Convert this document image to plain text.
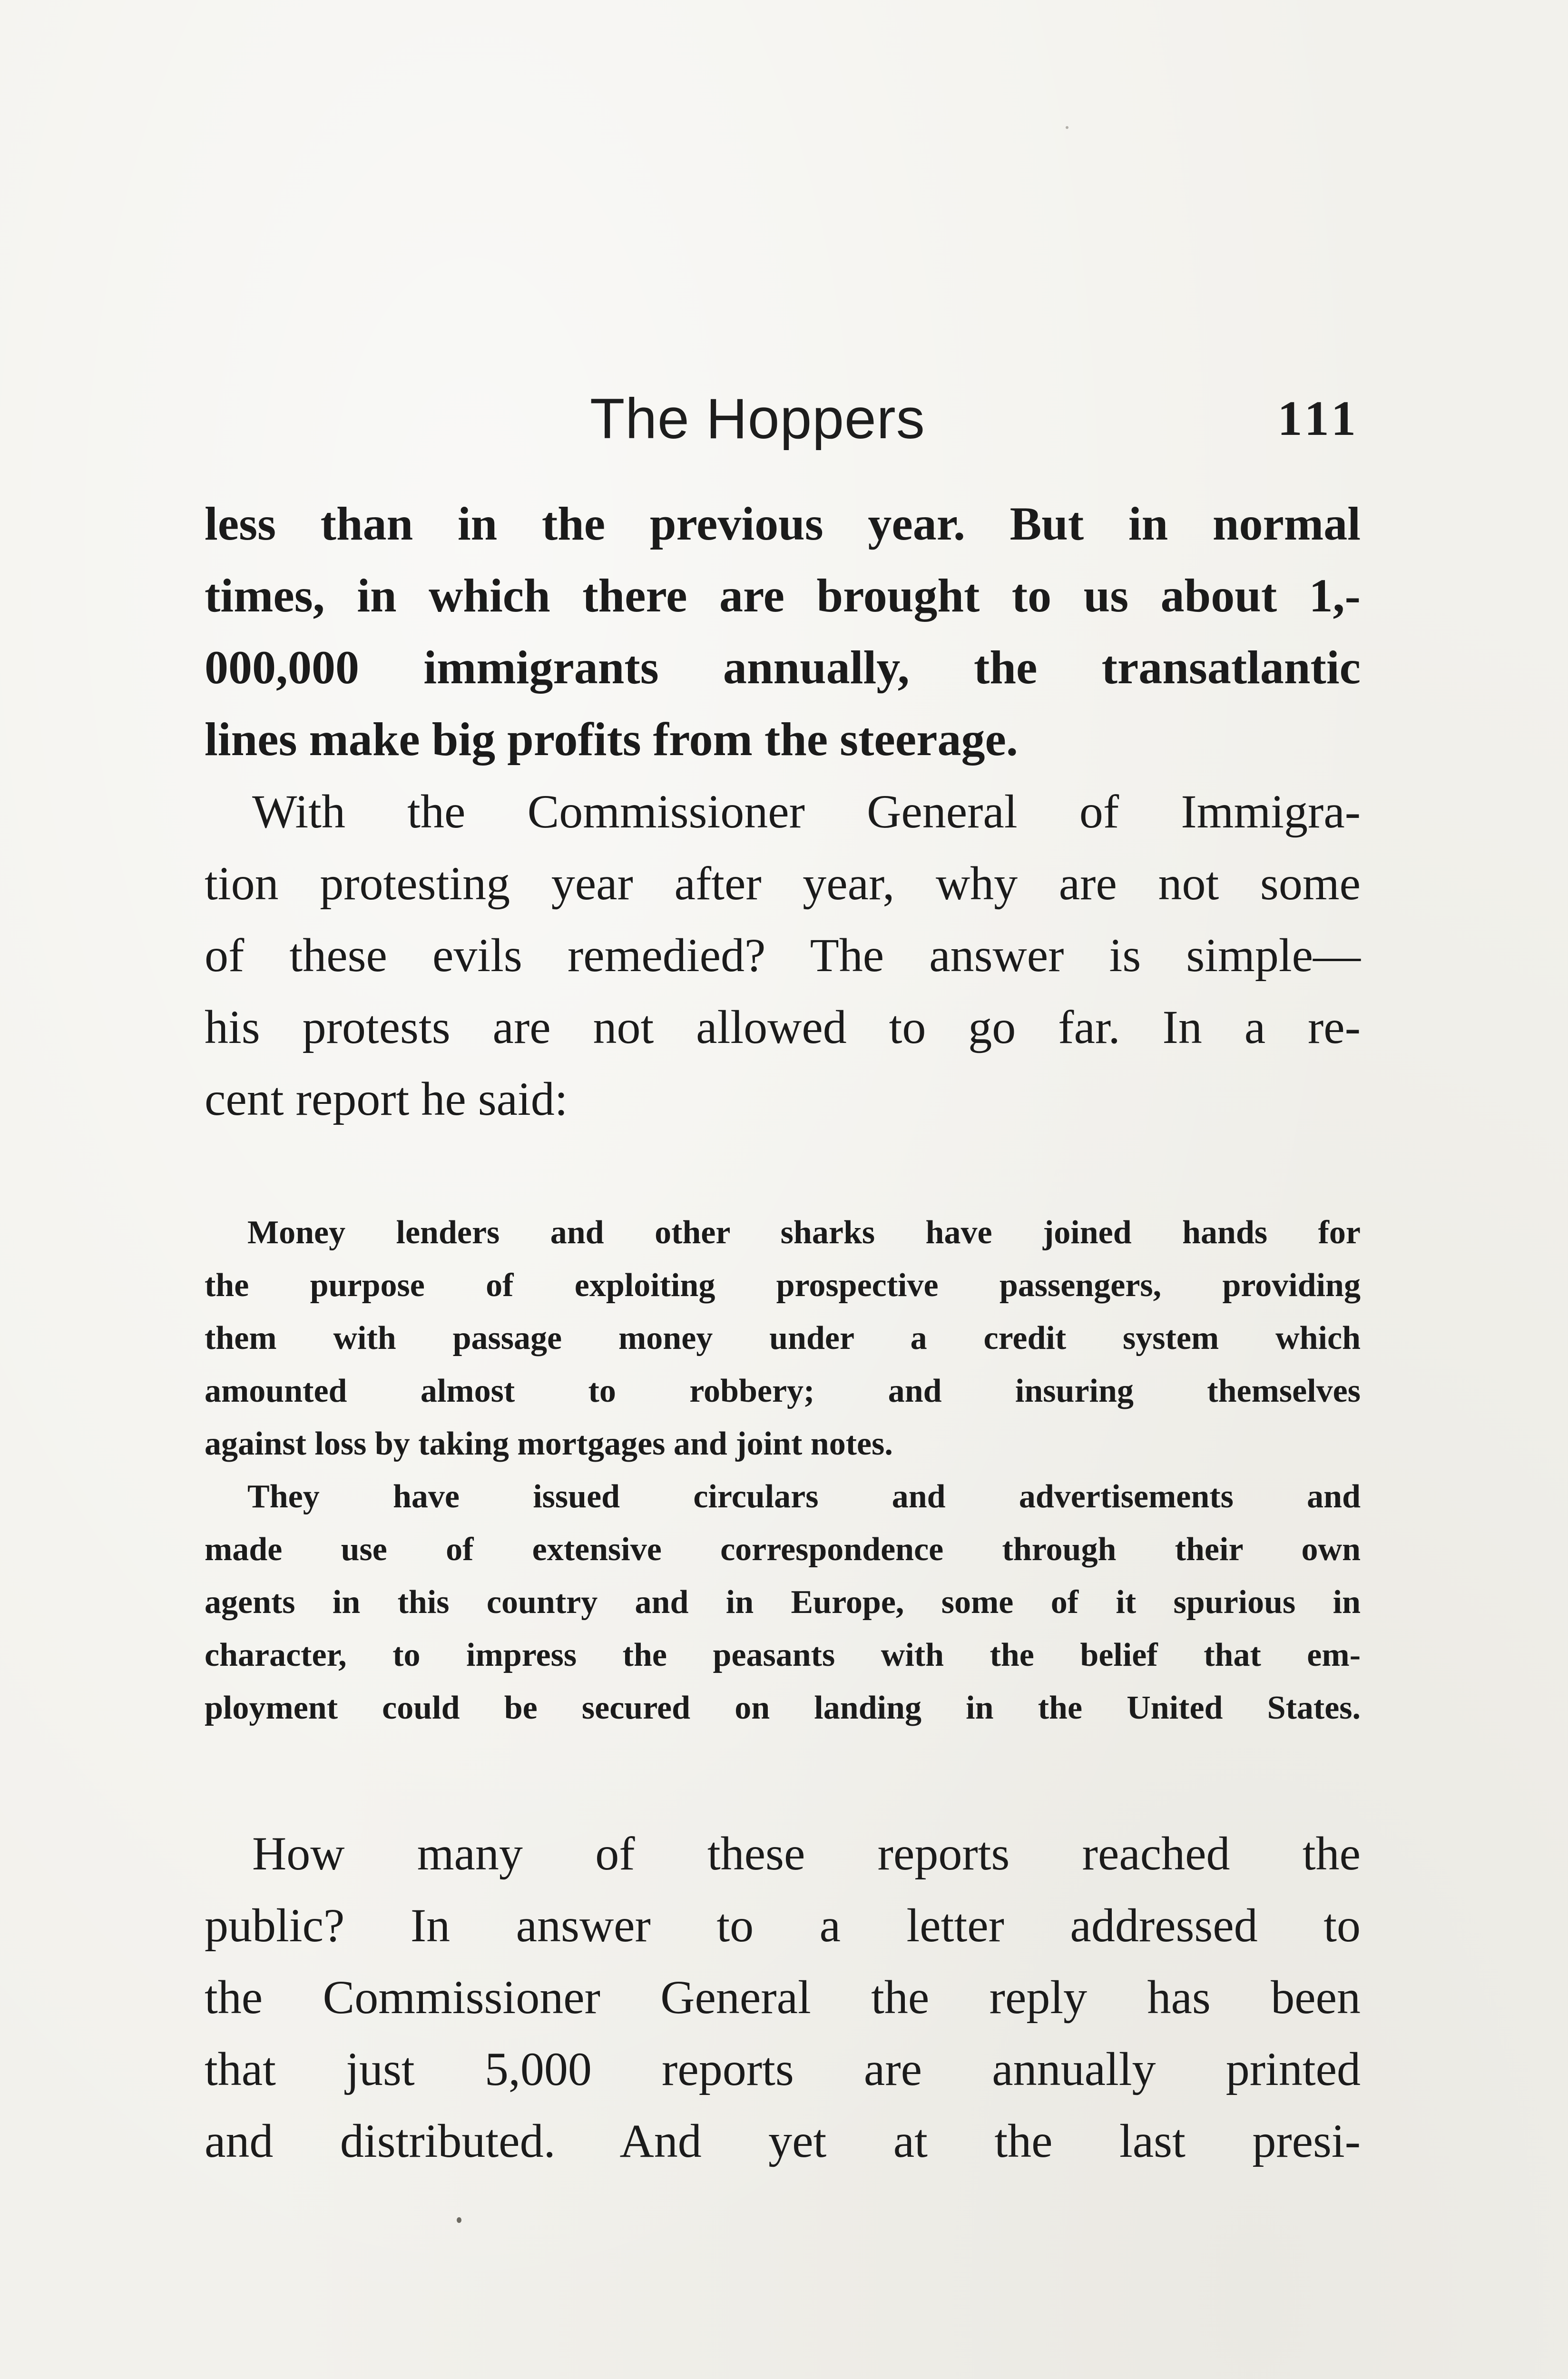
The Hoppers	111
less than in the previous year. But in normal
times, in which there are brought to us about 1,-
000,000 immigrants annually, the transatlantic
lines make big profits from the steerage.
With the Commissioner General of Immigra-
tion protesting year after year, why are not some
of these evils remedied? The answer is simple—
his protests are not allowed to go far. In a re-
cent report he said:
Money lenders and other sharks have joined hands for
the purpose of exploiting prospective passengers, providing
them with passage money under a credit system which
amounted almost to robbery; and insuring themselves
against loss by taking mortgages and joint notes.
They have issued circulars and advertisements and
made use of extensive correspondence through their own
agents in this country and in Europe, some of it spurious in
character, to impress the peasants with the belief that em-
ployment could be secured on landing in the United States.
How many of these reports reached the
public? In answer to a letter addressed to
the Commissioner General the reply has been
that just 5,000 reports are annually printed
and distributed. And yet at the last presi-
